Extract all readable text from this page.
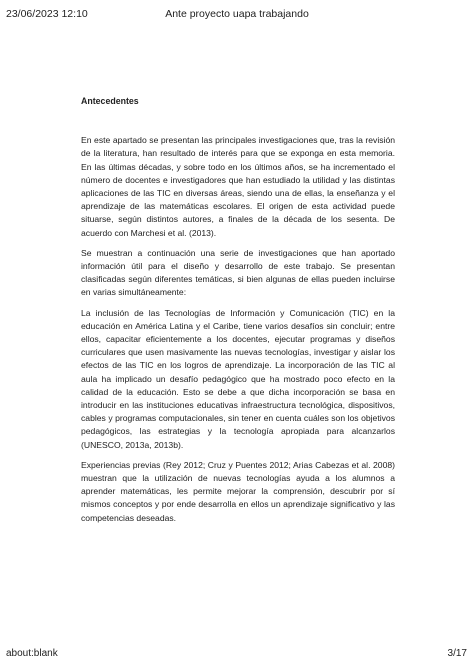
23/06/2023 12:10	Ante proyecto uapa trabajando

Antecedentes

En este apartado se presentan las principales investigaciones que, tras la revisión de la literatura, han resultado de interés para que se exponga en esta memoria. En las últimas décadas, y sobre todo en los últimos años, se ha incrementado el número de docentes e investigadores que han estudiado la utilidad y las distintas aplicaciones de las TIC en diversas áreas, siendo una de ellas, la enseñanza y el aprendizaje de las matemáticas escolares. El origen de esta actividad puede situarse, según distintos autores, a finales de la década de los sesenta. De acuerdo con Marchesi et al. (2013).

Se muestran a continuación una serie de investigaciones que han aportado información útil para el diseño y desarrollo de este trabajo. Se presentan clasificadas según diferentes temáticas, si bien algunas de ellas pueden incluirse en varias simultáneamente:

La inclusión de las Tecnologías de Información y Comunicación (TIC) en la educación en América Latina y el Caribe, tiene varios desafíos sin concluir; entre ellos, capacitar eficientemente a los docentes, ejecutar programas y diseños curriculares que usen masivamente las nuevas tecnologías, investigar y aislar los efectos de las TIC en los logros de aprendizaje. La incorporación de las TIC al aula ha implicado un desafío pedagógico que ha mostrado poco efecto en la calidad de la educación. Esto se debe a que dicha incorporación se basa en introducir en las instituciones educativas infraestructura tecnológica, dispositivos, cables y programas computacionales, sin tener en cuenta cuáles son los objetivos pedagógicos, las estrategias y la tecnología apropiada para alcanzarlos (UNESCO, 2013a, 2013b).

Experiencias previas (Rey 2012; Cruz y Puentes 2012; Arias Cabezas et al. 2008) muestran que la utilización de nuevas tecnologías ayuda a los alumnos a aprender matemáticas, les permite mejorar la comprensión, descubrir por sí mismos conceptos y por ende desarrolla en ellos un aprendizaje significativo y las competencias deseadas.

about:blank	3/17
